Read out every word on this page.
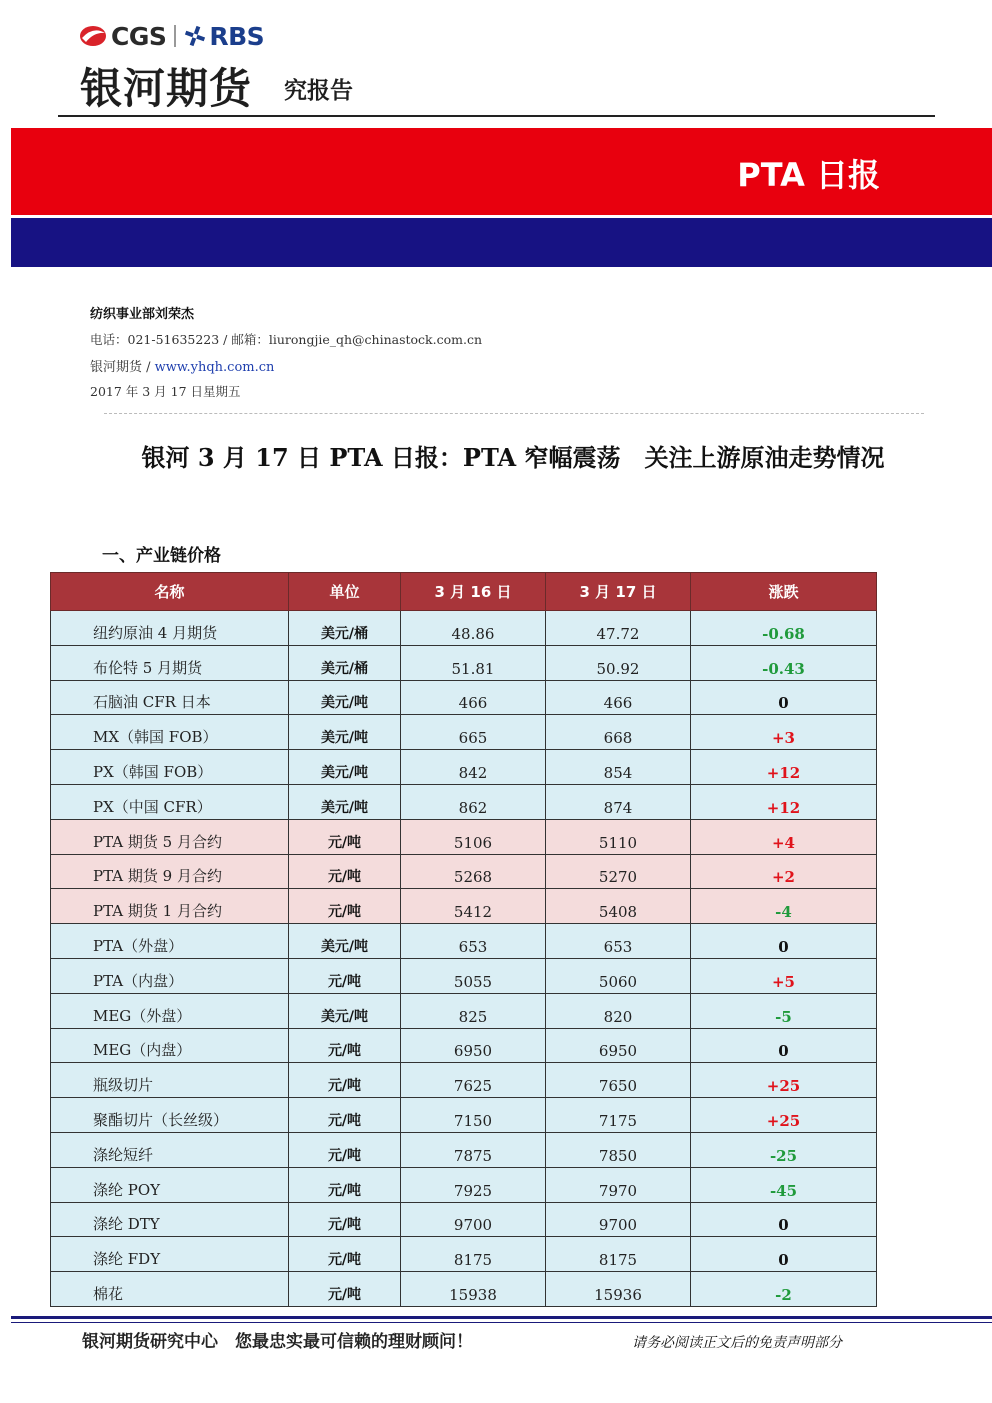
CGS RBS
银河期货 究报告
PTA 日报
纺织事业部刘荣杰
电话：021-51635223 / 邮箱：liurongjie_qh@chinastock.com.cn
银河期货 / www.yhqh.com.cn
2017 年 3 月 17 日星期五
银河 3 月 17 日 PTA 日报：PTA 窄幅震荡　关注上游原油走势情况
一、产业链价格
名称	单位	3 月 16 日	3 月 17 日	涨跌
纽约原油 4 月期货	美元/桶	48.86	47.72	-0.68
布伦特 5 月期货	美元/桶	51.81	50.92	-0.43
石脑油 CFR 日本	美元/吨	466	466	0
MX（韩国 FOB）	美元/吨	665	668	+3
PX（韩国 FOB）	美元/吨	842	854	+12
PX（中国 CFR）	美元/吨	862	874	+12
PTA 期货 5 月合约	元/吨	5106	5110	+4
PTA 期货 9 月合约	元/吨	5268	5270	+2
PTA 期货 1 月合约	元/吨	5412	5408	-4
PTA（外盘）	美元/吨	653	653	0
PTA（内盘）	元/吨	5055	5060	+5
MEG（外盘）	美元/吨	825	820	-5
MEG（内盘）	元/吨	6950	6950	0
瓶级切片	元/吨	7625	7650	+25
聚酯切片（长丝级）	元/吨	7150	7175	+25
涤纶短纤	元/吨	7875	7850	-25
涤纶 POY	元/吨	7925	7970	-45
涤纶 DTY	元/吨	9700	9700	0
涤纶 FDY	元/吨	8175	8175	0
棉花	元/吨	15938	15936	-2
银河期货研究中心　您最忠实最可信赖的理财顾问！	请务必阅读正文后的免责声明部分
